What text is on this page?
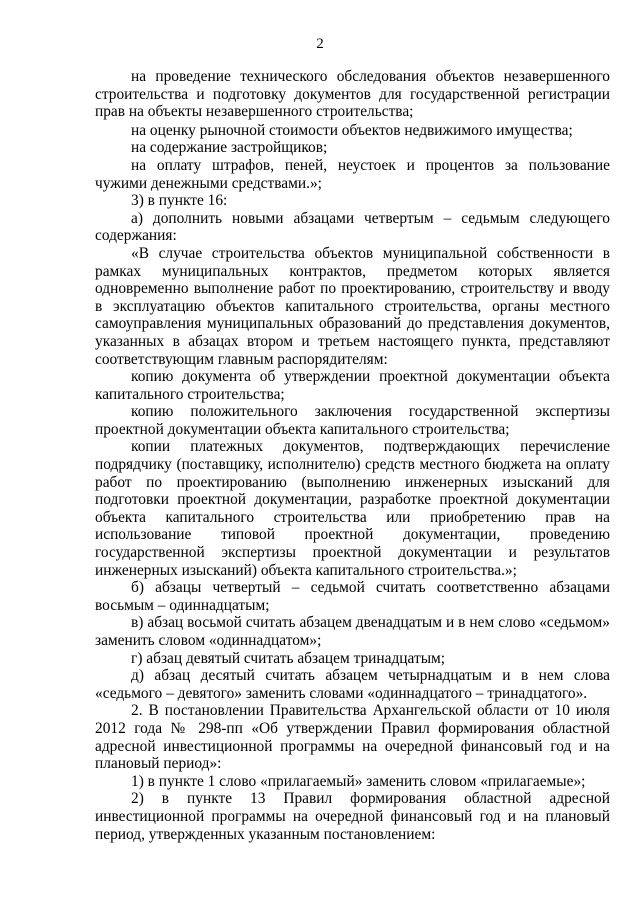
2

на проведение технического обследования объектов незавершенного строительства и подготовку документов для государственной регистрации прав на объекты незавершенного строительства;

на оценку рыночной стоимости объектов недвижимого имущества;

на содержание застройщиков;

на оплату штрафов, пеней, неустоек и процентов за пользование чужими денежными средствами.»;

3) в пункте 16:

а) дополнить новыми абзацами четвертым – седьмым следующего содержания:

«В случае строительства объектов муниципальной собственности в рамках муниципальных контрактов, предметом которых является одновременно выполнение работ по проектированию, строительству и вводу в эксплуатацию объектов капитального строительства, органы местного самоуправления муниципальных образований до представления документов, указанных в абзацах втором и третьем настоящего пункта, представляют соответствующим главным распорядителям:

копию документа об утверждении проектной документации объекта капитального строительства;

копию положительного заключения государственной экспертизы проектной документации объекта капитального строительства;

копии платежных документов, подтверждающих перечисление подрядчику (поставщику, исполнителю) средств местного бюджета на оплату работ по проектированию (выполнению инженерных изысканий для подготовки проектной документации, разработке проектной документации объекта капитального строительства или приобретению прав на использование типовой проектной документации, проведению государственной экспертизы проектной документации и результатов инженерных изысканий) объекта капитального строительства.»;

б) абзацы четвертый – седьмой считать соответственно абзацами восьмым – одиннадцатым;

в) абзац восьмой считать абзацем двенадцатым и в нем слово «седьмом» заменить словом «одиннадцатом»;

г) абзац девятый считать абзацем тринадцатым;

д) абзац десятый считать абзацем четырнадцатым и в нем слова «седьмого – девятого» заменить словами «одиннадцатого – тринадцатого».

2. В постановлении Правительства Архангельской области от 10 июля 2012 года № 298-пп «Об утверждении Правил формирования областной адресной инвестиционной программы на очередной финансовый год и на плановый период»:

1) в пункте 1 слово «прилагаемый» заменить словом «прилагаемые»;

2) в пункте 13 Правил формирования областной адресной инвестиционной программы на очередной финансовый год и на плановый период, утвержденных указанным постановлением:
